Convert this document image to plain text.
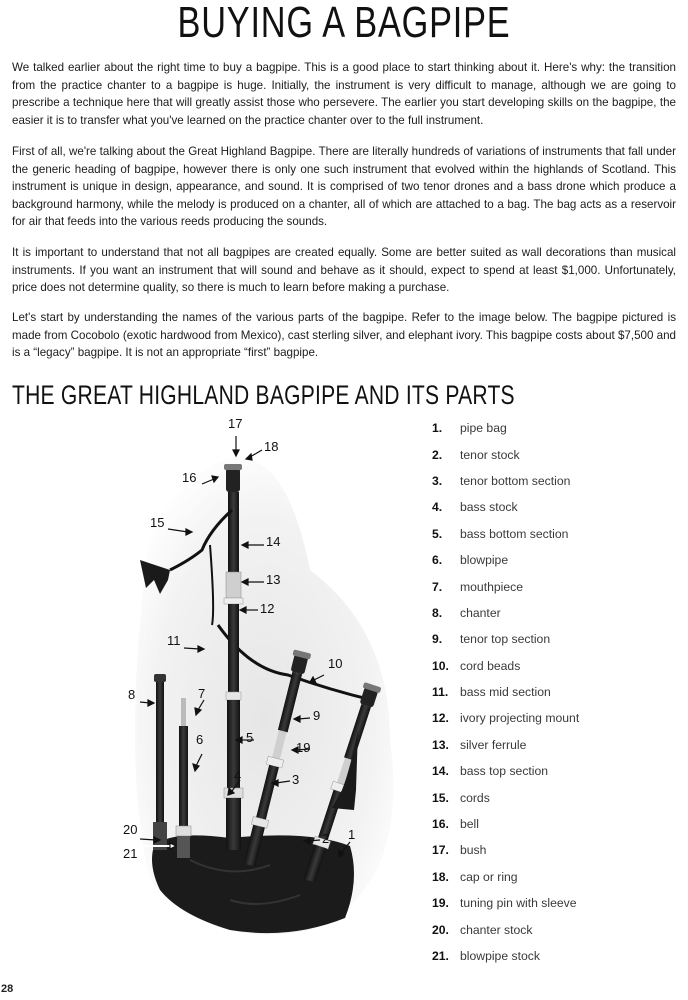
BUYING A BAGPIPE

We talked earlier about the right time to buy a bagpipe. This is a good place to start thinking about it. Here's why: the transition from the practice chanter to a bagpipe is huge. Initially, the instrument is very difficult to manage, although we are going to prescribe a technique here that will greatly assist those who persevere. The earlier you start developing skills on the bagpipe, the easier it is to transfer what you've learned on the practice chanter over to the full instrument.

First of all, we're talking about the Great Highland Bagpipe. There are literally hundreds of variations of instruments that fall under the generic heading of bagpipe, however there is only one such instrument that evolved within the highlands of Scotland. This instrument is unique in design, appearance, and sound. It is comprised of two tenor drones and a bass drone which produce a background harmony, while the melody is produced on a chanter, all of which are attached to a bag. The bag acts as a reservoir for air that feeds into the various reeds producing the sounds.

It is important to understand that not all bagpipes are created equally. Some are better suited as wall decorations than musical instruments. If you want an instrument that will sound and behave as it should, expect to spend at least $1,000. Unfortunately, price does not determine quality, so there is much to learn before making a purchase.

Let's start by understanding the names of the various parts of the bagpipe. Refer to the image below. The bagpipe pictured is made from Cocobolo (exotic hardwood from Mexico), cast sterling silver, and elephant ivory. This bagpipe costs about $7,500 and is a “legacy” bagpipe. It is not an appropriate “first” bagpipe.

THE GREAT HIGHLAND BAGPIPE AND ITS PARTS
17
18
16
15
14
13
12
11
10
8	7
9
5
6
19
4	3
2 1
20
21
1.	pipe bag
2.	tenor stock
3.	tenor bottom section
4.	bass stock
5.	bass bottom section
6.	blowpipe
7.	mouthpiece
8.	chanter
9.	tenor top section
10. cord beads
11. bass mid section
12. ivory projecting mount
13. silver ferrule
14. bass top section
15. cords
16. bell
17. bush
18. cap or ring
19. tuning pin with sleeve
20. chanter stock
21. blowpipe stock
28
